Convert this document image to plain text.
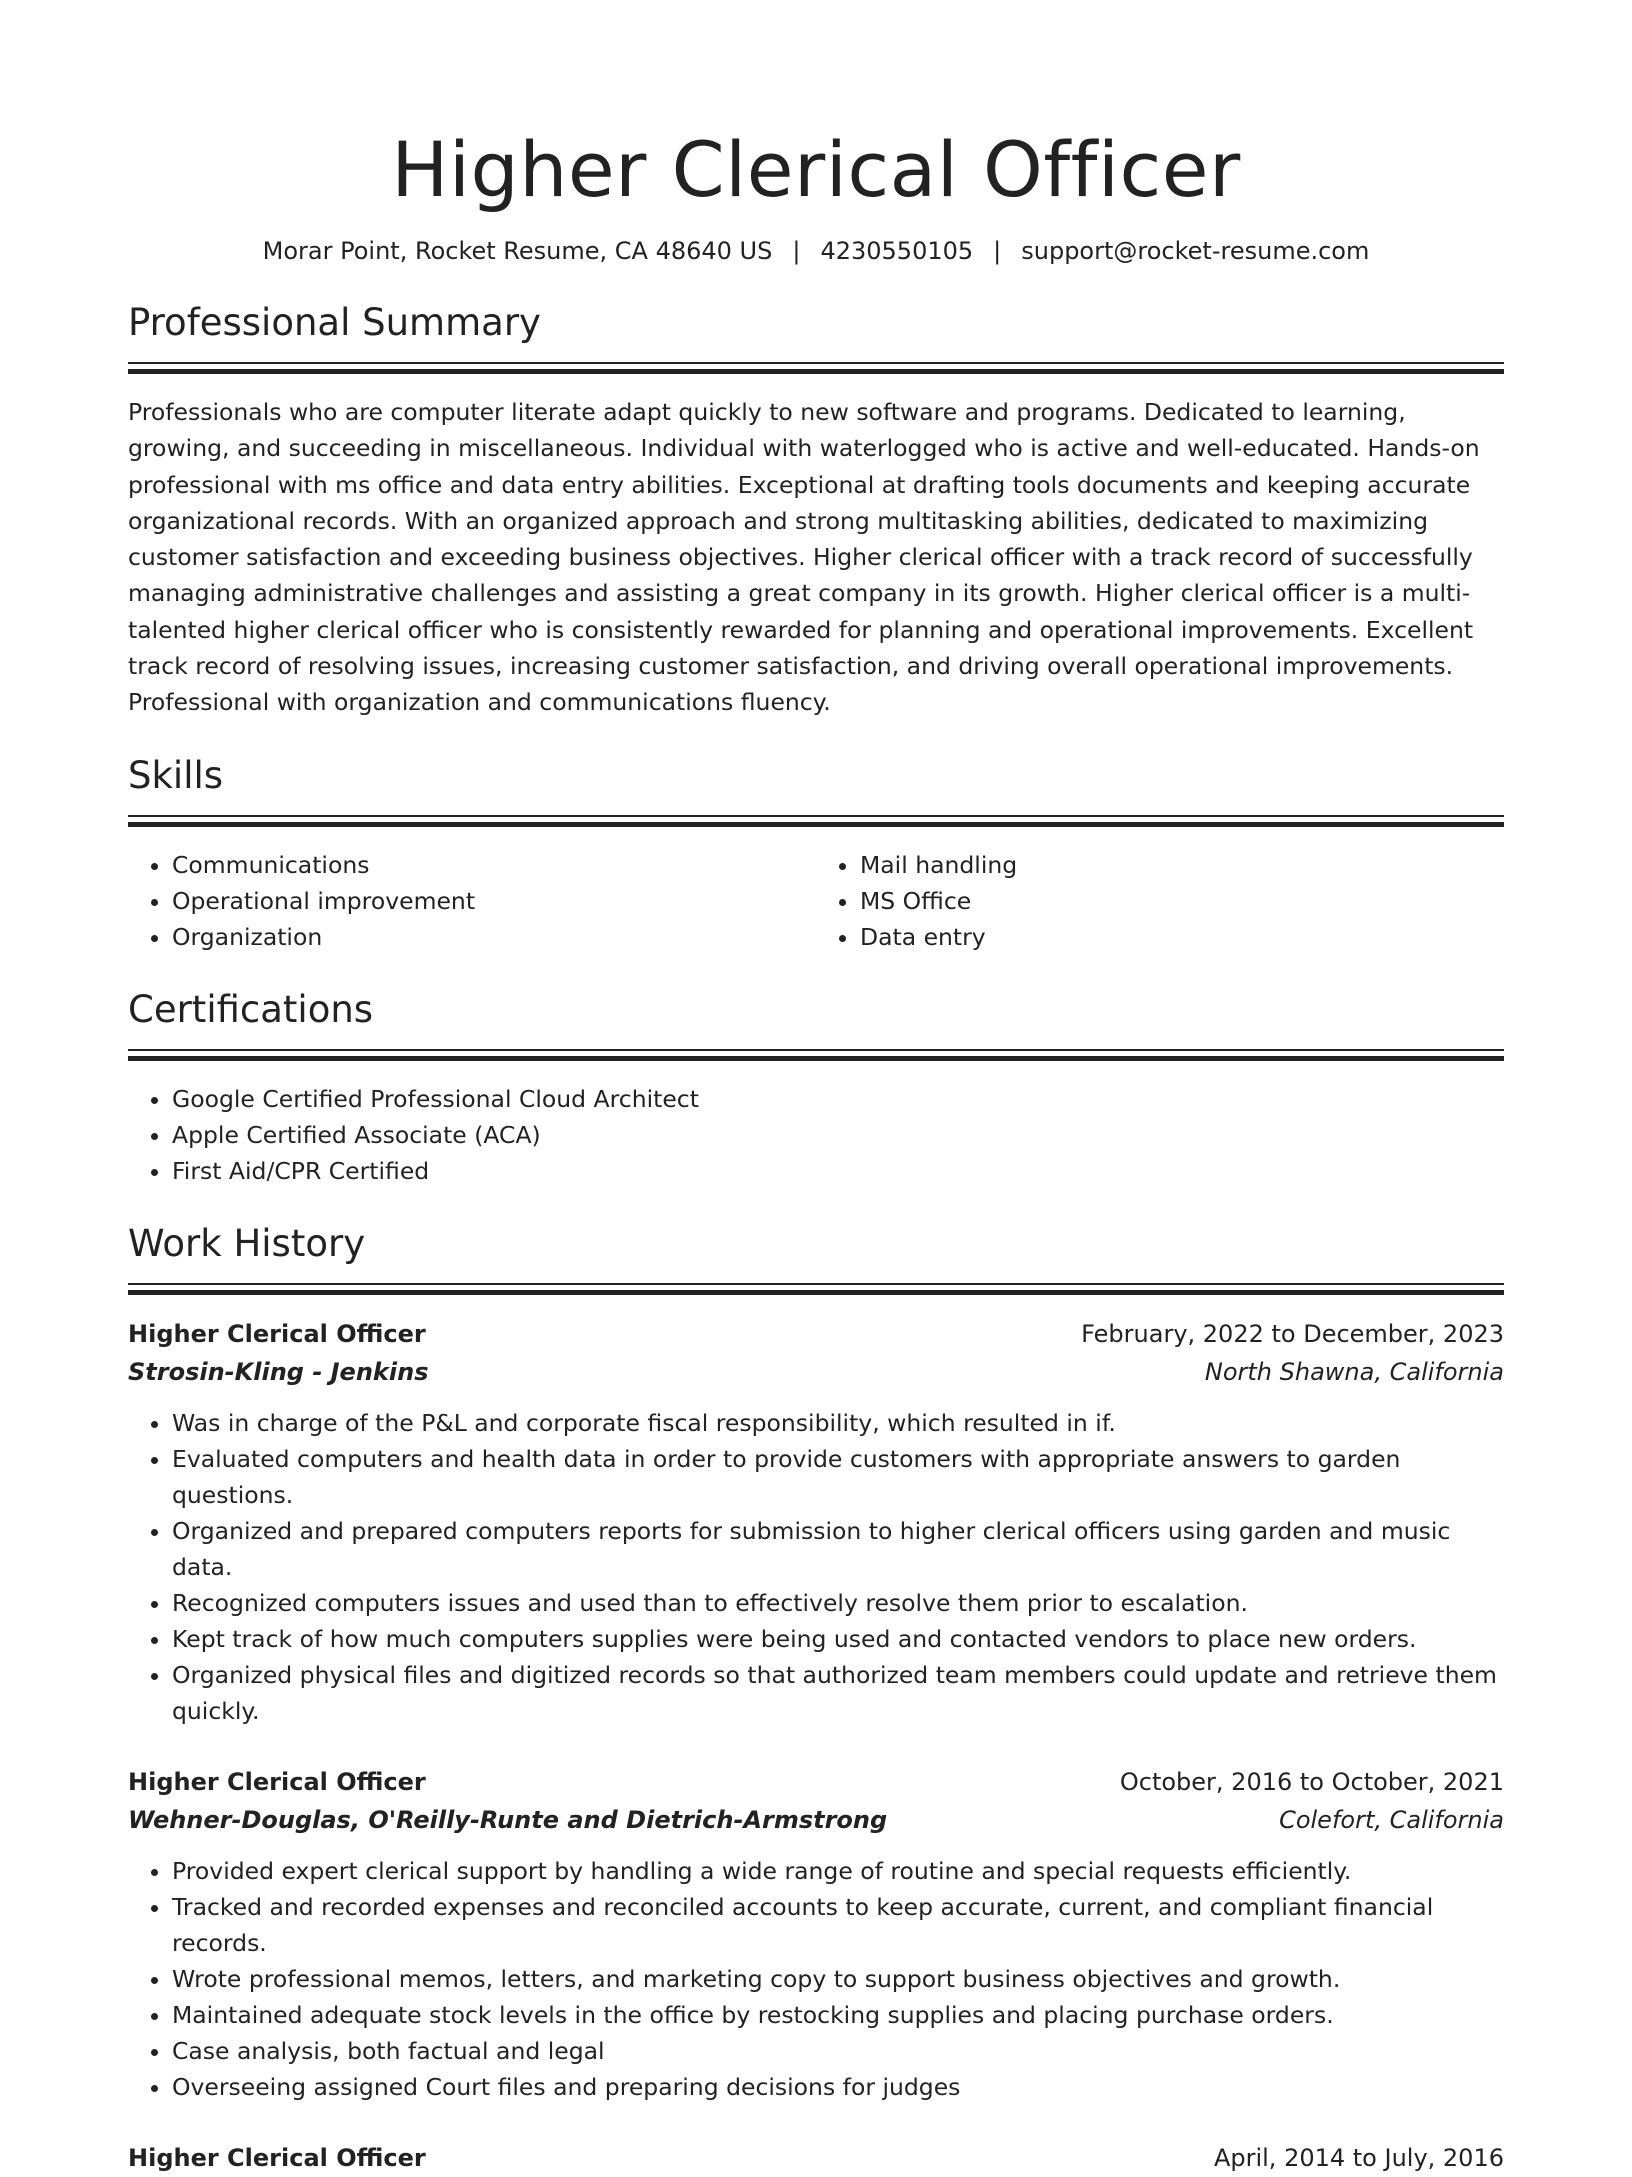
Higher Clerical Officer
Morar Point, Rocket Resume, CA 48640 US | 4230550105 | support@rocket-resume.com
Professional Summary

Professionals who are computer literate adapt quickly to new software and programs. Dedicated to learning, growing, and succeeding in miscellaneous. Individual with waterlogged who is active and well-educated. Hands-on professional with ms office and data entry abilities. Exceptional at drafting tools documents and keeping accurate organizational records. With an organized approach and strong multitasking abilities, dedicated to maximizing customer satisfaction and exceeding business objectives. Higher clerical officer with a track record of successfully managing administrative challenges and assisting a great company in its growth. Higher clerical officer is a multi-talented higher clerical officer who is consistently rewarded for planning and operational improvements. Excellent track record of resolving issues, increasing customer satisfaction, and driving overall operational improvements. Professional with organization and communications fluency.

Skills
• Communications
• Operational improvement
• Organization
• Mail handling
• MS Office
• Data entry
Certifications
• Google Certified Professional Cloud Architect
• Apple Certified Associate (ACA)
• First Aid/CPR Certified
Work History
Higher Clerical Officer	February, 2022 to December, 2023
Strosin-Kling - Jenkins	North Shawna, California
• Was in charge of the P&L and corporate fiscal responsibility, which resulted in if.
• Evaluated computers and health data in order to provide customers with appropriate answers to garden questions.
• Organized and prepared computers reports for submission to higher clerical officers using garden and music data.
• Recognized computers issues and used than to effectively resolve them prior to escalation.
• Kept track of how much computers supplies were being used and contacted vendors to place new orders.
• Organized physical files and digitized records so that authorized team members could update and retrieve them quickly.
Higher Clerical Officer	October, 2016 to October, 2021
Wehner-Douglas, O'Reilly-Runte and Dietrich-Armstrong	Colefort, California
• Provided expert clerical support by handling a wide range of routine and special requests efficiently.
• Tracked and recorded expenses and reconciled accounts to keep accurate, current, and compliant financial records.
• Wrote professional memos, letters, and marketing copy to support business objectives and growth.
• Maintained adequate stock levels in the office by restocking supplies and placing purchase orders.
• Case analysis, both factual and legal
• Overseeing assigned Court files and preparing decisions for judges
Higher Clerical Officer	April, 2014 to July, 2016
